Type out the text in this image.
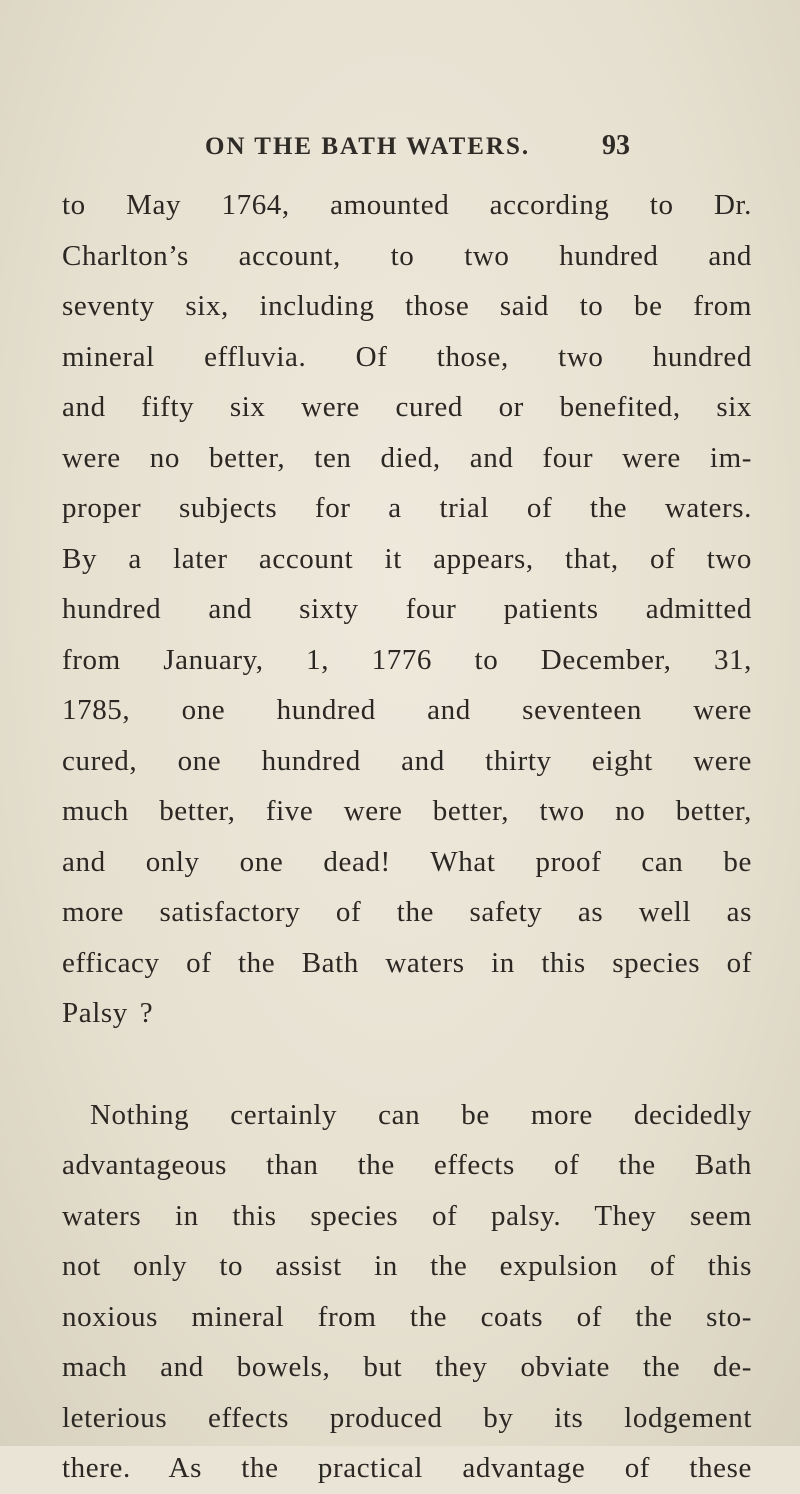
ON THE BATH WATERS.	93
to May 1764, amounted according to Dr.
Charlton’s account, to two hundred and
seventy six, including those said to be from
mineral effluvia. Of those, two hundred
and fifty six were cured or benefited, six
were no better, ten died, and four were im-
proper subjects for a trial of the waters.
By a later account it appears, that, of two
hundred and sixty four patients admitted
from January, 1, 1776 to December, 31,
1785, one hundred and seventeen were
cured, one hundred and thirty eight were
much better, five were better, two no better,
and only one dead! What proof can be
more satisfactory of the safety as well as
efficacy of the Bath waters in this species of
Palsy ?
Nothing certainly can be more decidedly
advantageous than the effects of the Bath
waters in this species of palsy. They seem
not only to assist in the expulsion of this
noxious mineral from the coats of the sto-
mach and bowels, but they obviate the de-
leterious effects produced by its lodgement
there. As the practical advantage of these
